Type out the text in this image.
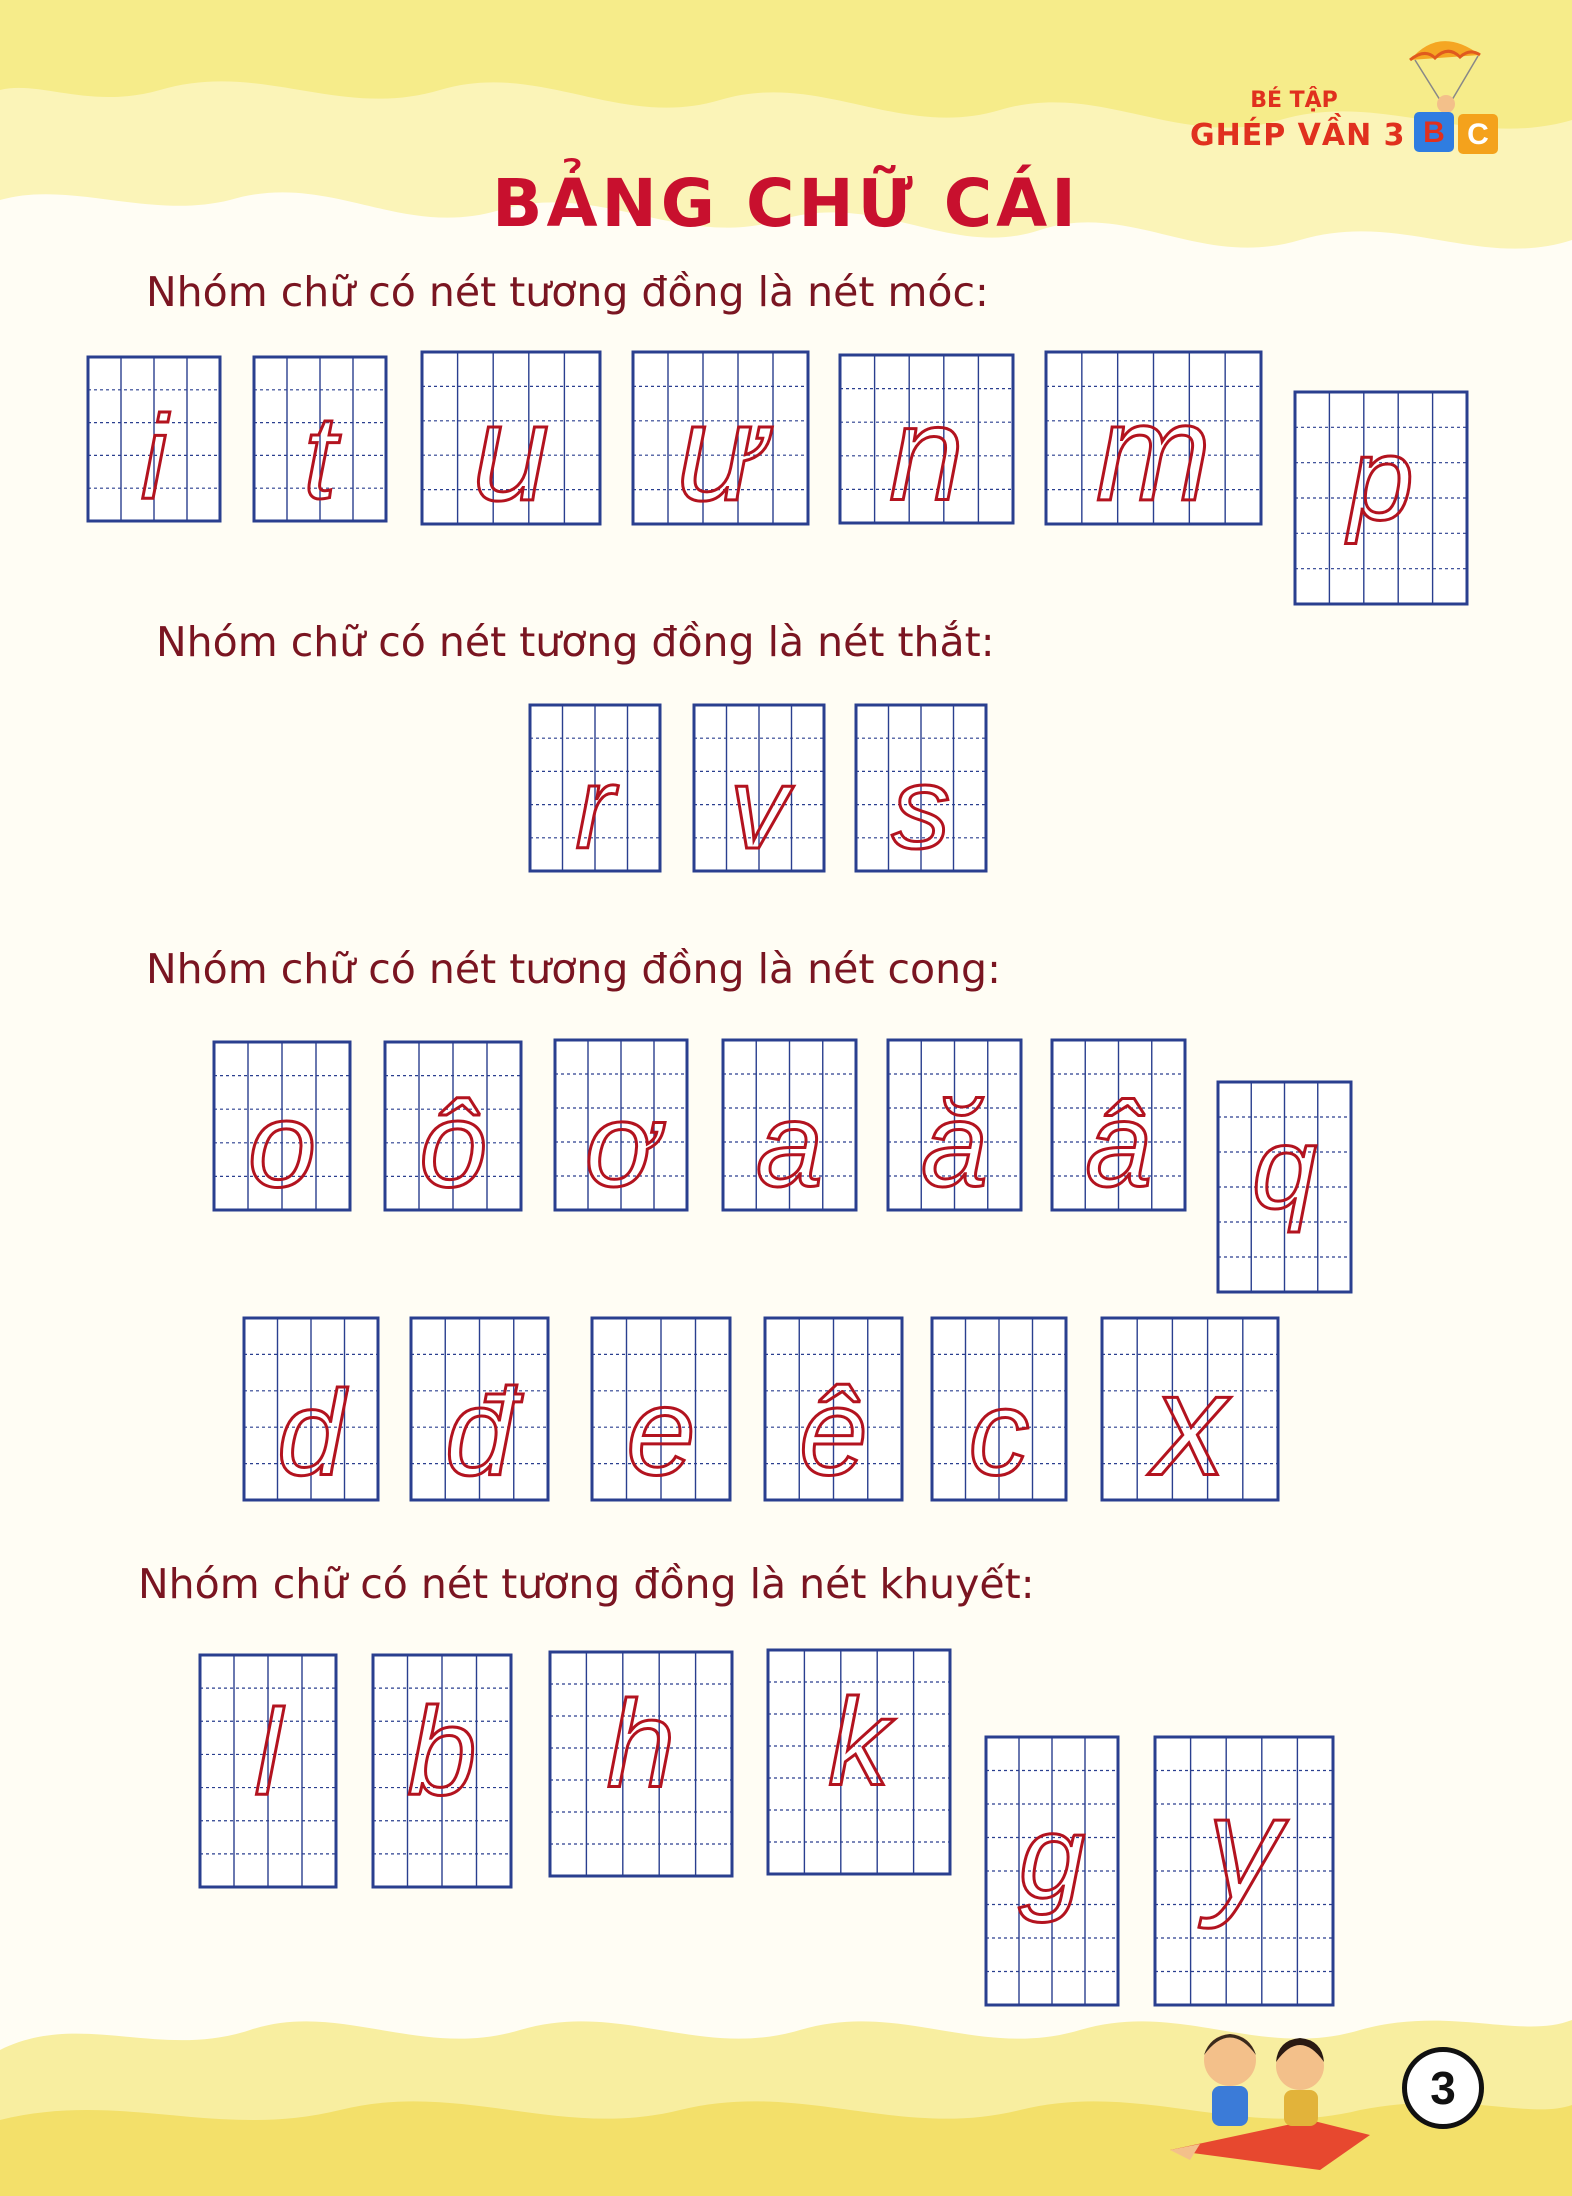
BÉ TẬP
GHÉP VẦN 3 B C
BẢNG CHỮ CÁI
Nhóm chữ có nét tương đồng là nét móc:
Nhóm chữ có nét tương đồng là nét thắt:
Nhóm chữ có nét tương đồng là nét cong:
Nhóm chữ có nét tương đồng là nét khuyết:
i t u ư n m p
r v s
o ô ơ a ă â q
d đ e ê c x
l b h k
g y
3
